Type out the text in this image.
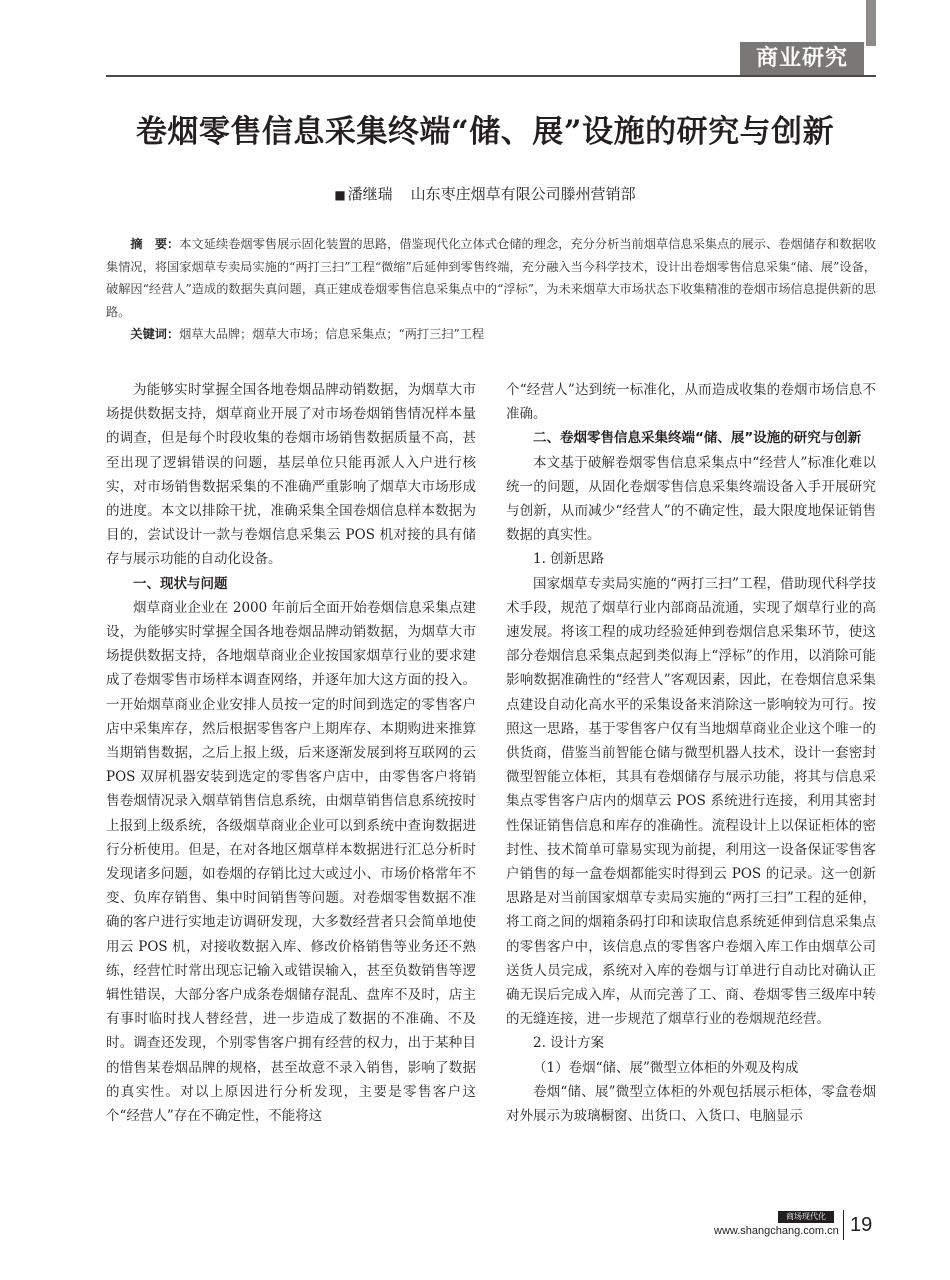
商业研究
卷烟零售信息采集终端“储、展”设施的研究与创新
■ 潘继瑞 山东枣庄烟草有限公司滕州营销部

摘　要：本文延续卷烟零售展示固化装置的思路，借鉴现代化立体式仓储的理念，充分分析当前烟草信息采集点的展示、卷烟储存和数据收集情况，将国家烟草专卖局实施的“两打三扫”工程“微缩”后延伸到零售终端，充分融入当今科学技术，设计出卷烟零售信息采集“储、展”设备，破解因“经营人”造成的数据失真问题，真正建成卷烟零售信息采集点中的“浮标”，为未来烟草大市场状态下收集精准的卷烟市场信息提供新的思路。

关键词：烟草大品牌；烟草大市场；信息采集点；“两打三扫”工程

为能够实时掌握全国各地卷烟品牌动销数据，为烟草大市场提供数据支持，烟草商业开展了对市场卷烟销售情况样本量的调查，但是每个时段收集的卷烟市场销售数据质量不高，甚至出现了逻辑错误的问题，基层单位只能再派人入户进行核实，对市场销售数据采集的不准确严重影响了烟草大市场形成的进度。本文以排除干扰，准确采集全国卷烟信息样本数据为目的，尝试设计一款与卷烟信息采集云 POS 机对接的具有储存与展示功能的自动化设备。

一、现状与问题

烟草商业企业在 2000 年前后全面开始卷烟信息采集点建设，为能够实时掌握全国各地卷烟品牌动销数据，为烟草大市场提供数据支持，各地烟草商业企业按国家烟草行业的要求建成了卷烟零售市场样本调查网络，并逐年加大这方面的投入。一开始烟草商业企业安排人员按一定的时间到选定的零售客户店中采集库存，然后根据零售客户上期库存、本期购进来推算当期销售数据，之后上报上级，后来逐渐发展到将互联网的云 POS 双屏机器安装到选定的零售客户店中，由零售客户将销售卷烟情况录入烟草销售信息系统，由烟草销售信息系统按时上报到上级系统，各级烟草商业企业可以到系统中查询数据进行分析使用。但是，在对各地区烟草样本数据进行汇总分析时发现诸多问题，如卷烟的存销比过大或过小、市场价格常年不变、负库存销售、集中时间销售等问题。对卷烟零售数据不准确的客户进行实地走访调研发现，大多数经营者只会简单地使用云 POS 机，对接收数据入库、修改价格销售等业务还不熟练，经营忙时常出现忘记输入或错误输入，甚至负数销售等逻辑性错误，大部分客户成条卷烟储存混乱、盘库不及时，店主有事时临时找人替经营，进一步造成了数据的不准确、不及时。调查还发现，个别零售客户拥有经营的权力，出于某种目的惜售某卷烟品牌的规格，甚至故意不录入销售，影响了数据的真实性。对以上原因进行分析发现，主要是零售客户这个“经营人”存在不确定性，不能将这

个“经营人”达到统一标准化，从而造成收集的卷烟市场信息不准确。

二、卷烟零售信息采集终端“储、展”设施的研究与创新

本文基于破解卷烟零售信息采集点中“经营人”标准化难以统一的问题，从固化卷烟零售信息采集终端设备入手开展研究与创新，从而减少“经营人”的不确定性，最大限度地保证销售数据的真实性。

1. 创新思路

国家烟草专卖局实施的“两打三扫”工程，借助现代科学技术手段，规范了烟草行业内部商品流通，实现了烟草行业的高速发展。将该工程的成功经验延伸到卷烟信息采集环节，使这部分卷烟信息采集点起到类似海上“浮标”的作用，以消除可能影响数据准确性的“经营人”客观因素，因此，在卷烟信息采集点建设自动化高水平的采集设备来消除这一影响较为可行。按照这一思路，基于零售客户仅有当地烟草商业企业这个唯一的供货商，借鉴当前智能仓储与微型机器人技术，设计一套密封微型智能立体柜，其具有卷烟储存与展示功能，将其与信息采集点零售客户店内的烟草云 POS 系统进行连接，利用其密封性保证销售信息和库存的准确性。流程设计上以保证柜体的密封性、技术简单可靠易实现为前提，利用这一设备保证零售客户销售的每一盒卷烟都能实时得到云 POS 的记录。这一创新思路是对当前国家烟草专卖局实施的“两打三扫”工程的延伸，将工商之间的烟箱条码打印和读取信息系统延伸到信息采集点的零售客户中，该信息点的零售客户卷烟入库工作由烟草公司送货人员完成，系统对入库的卷烟与订单进行自动比对确认正确无误后完成入库，从而完善了工、商、卷烟零售三级库中转的无缝连接，进一步规范了烟草行业的卷烟规范经营。

2. 设计方案

（1）卷烟“储、展”微型立体柜的外观及构成

卷烟“储、展”微型立体柜的外观包括展示柜体，零盒卷烟对外展示为玻璃橱窗、出货口、入货口、电脑显示

商场现代化
www.shangchang.com.cn 19
